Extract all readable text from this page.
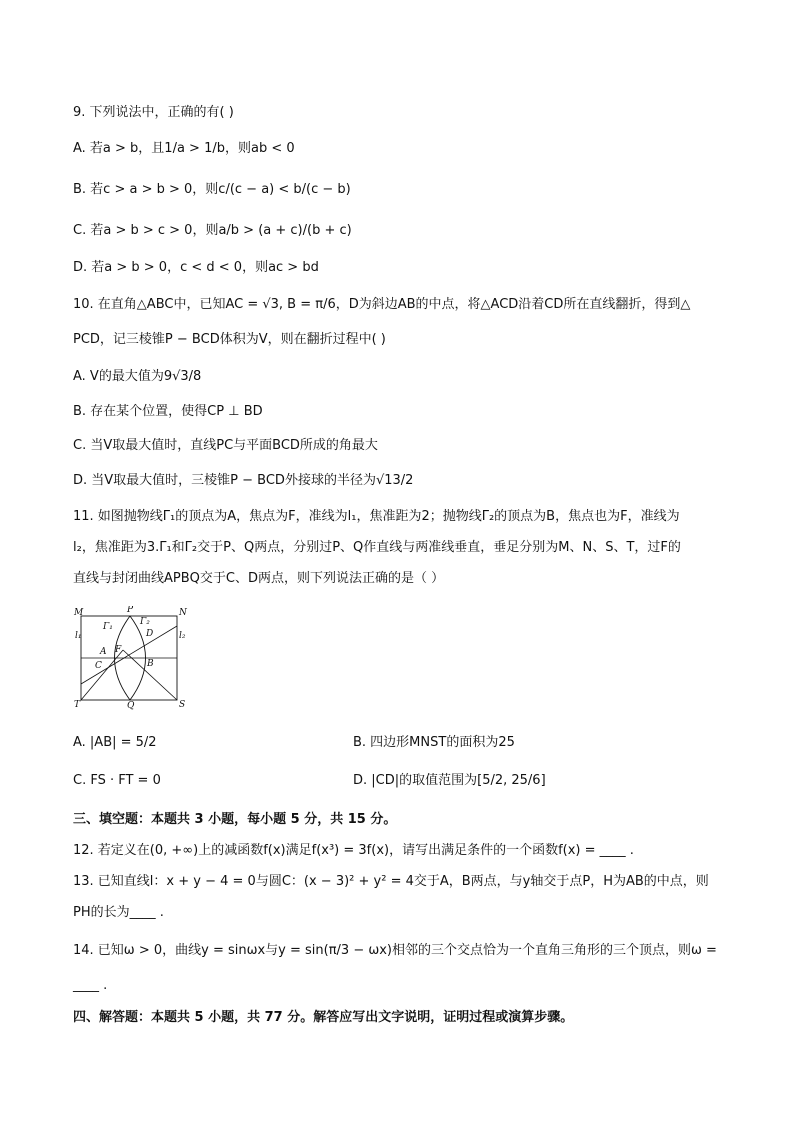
9. 下列说法中，正确的有( )
A. 若a > b，且1/a > 1/b，则ab < 0
B. 若c > a > b > 0，则c/(c − a) < b/(c − b)
C. 若a > b > c > 0，则a/b > (a + c)/(b + c)
D. 若a > b > 0，c < d < 0，则ac > bd
10. 在直角△ABC中，已知AC = √3, B = π/6，D为斜边AB的中点，将△ACD沿着CD所在直线翻折，得到△
PCD，记三棱锥P − BCD体积为V，则在翻折过程中( )
A. V的最大值为9√3/8
B. 存在某个位置，使得CP ⊥ BD
C. 当V取最大值时，直线PC与平面BCD所成的角最大
D. 当V取最大值时，三棱锥P − BCD外接球的半径为√13/2
11. 如图抛物线Γ₁的顶点为A，焦点为F，准线为l₁，焦准距为2；抛物线Γ₂的顶点为B，焦点也为F，准线为
l₂，焦准距为3.Γ₁和Γ₂交于P、Q两点，分别过P、Q作直线与两准线垂直，垂足分别为M、N、S、T，过F的
直线与封闭曲线APBQ交于C、D两点，则下列说法正确的是（ ）
M	P	N
l₁	l₂
Γ₁	Γ₂
D
A F
C	B
T	Q	S
A. |AB| = 5/2	B. 四边形MNST的面积为25
C. FS · FT = 0	D. |CD|的取值范围为[5/2, 25/6]
三、填空题：本题共 3 小题，每小题 5 分，共 15 分。
12. 若定义在(0, +∞)上的减函数f(x)满足f(x³) = 3f(x)，请写出满足条件的一个函数f(x) = ____ .
13. 已知直线l：x + y − 4 = 0与圆C：(x − 3)² + y² = 4交于A，B两点，与y轴交于点P，H为AB的中点，则
PH的长为____ .
14. 已知ω > 0，曲线y = sinωx与y = sin(π/3 − ωx)相邻的三个交点恰为一个直角三角形的三个顶点，则ω =
____ .
四、解答题：本题共 5 小题，共 77 分。解答应写出文字说明，证明过程或演算步骤。
